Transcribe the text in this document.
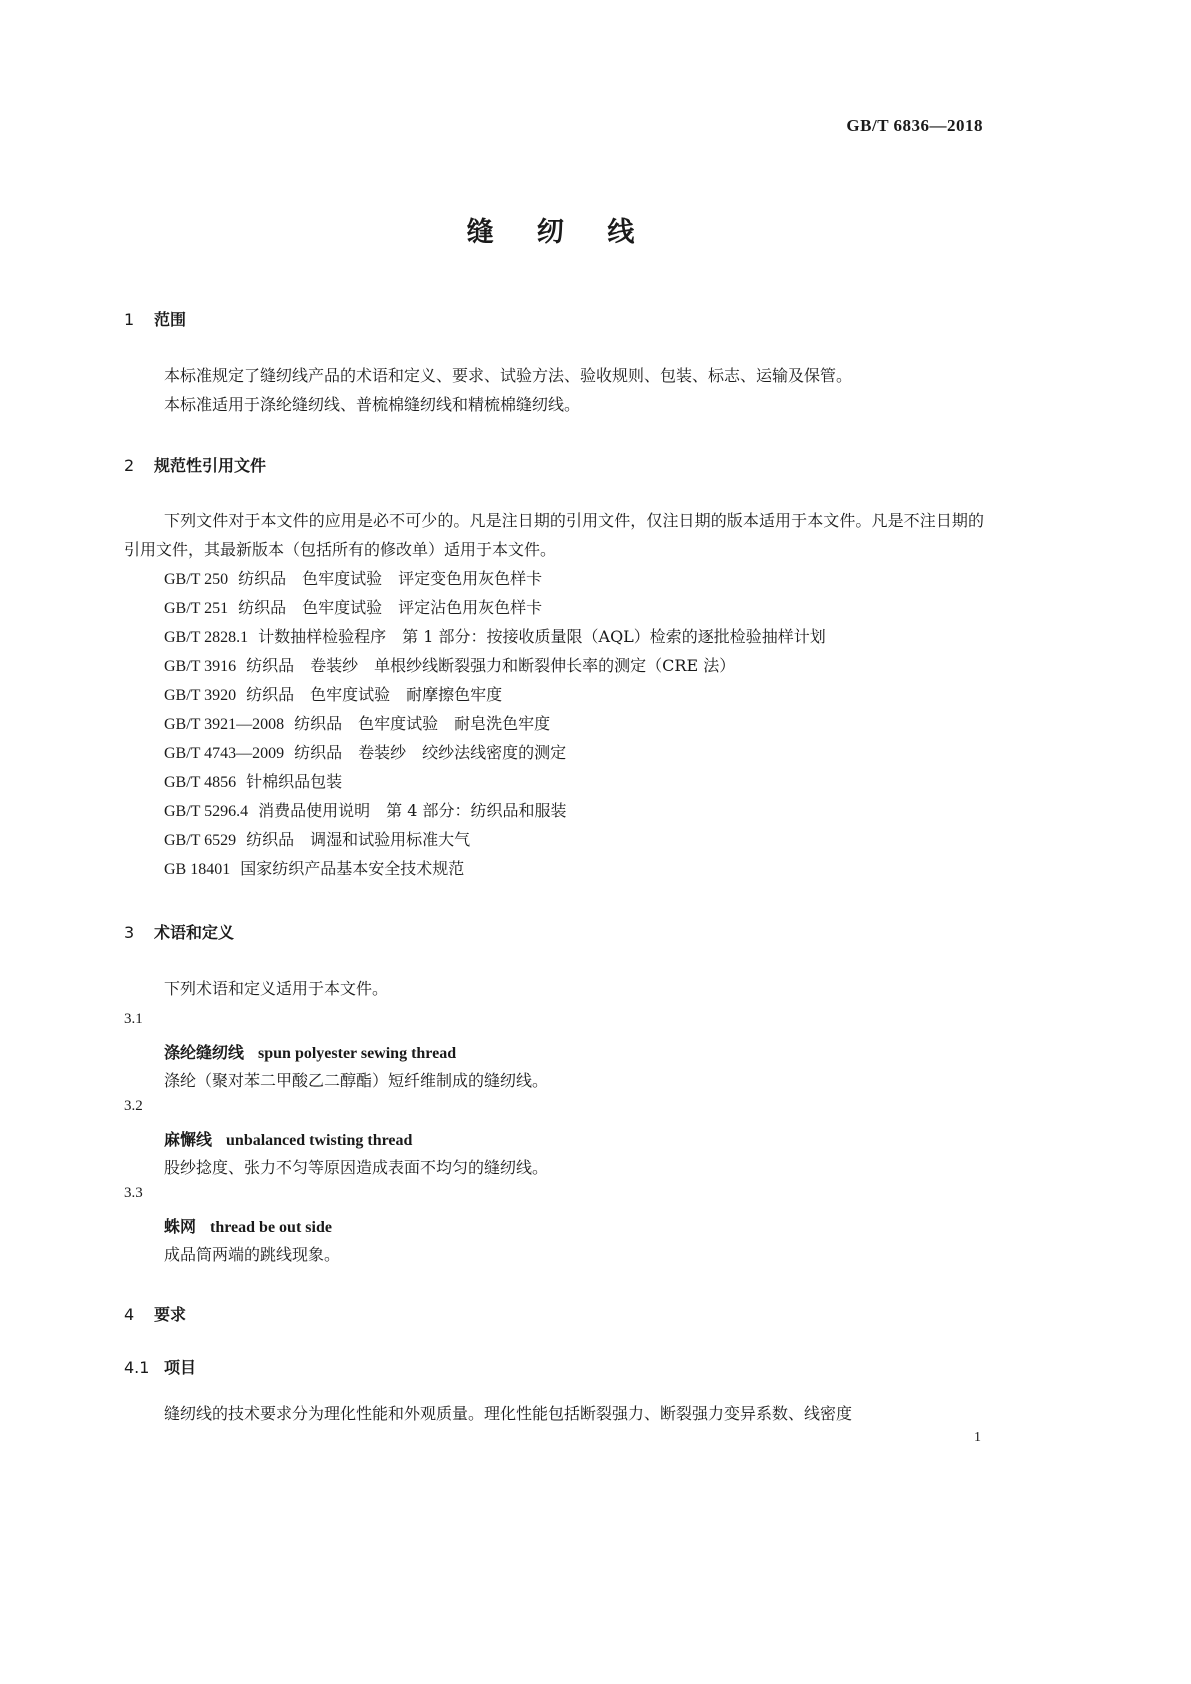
GB/T 6836—2018
缝 纫 线
1 范围
本标准规定了缝纫线产品的术语和定义、要求、试验方法、验收规则、包装、标志、运输及保管。
本标准适用于涤纶缝纫线、普梳棉缝纫线和精梳棉缝纫线。
2 规范性引用文件
下列文件对于本文件的应用是必不可少的。凡是注日期的引用文件，仅注日期的版本适用于本文件。凡是不注日期的引用文件，其最新版本（包括所有的修改单）适用于本文件。
GB/T 250 纺织品　色牢度试验　评定变色用灰色样卡
GB/T 251 纺织品　色牢度试验　评定沾色用灰色样卡
GB/T 2828.1 计数抽样检验程序　第 1 部分：按接收质量限（AQL）检索的逐批检验抽样计划
GB/T 3916 纺织品　卷装纱　单根纱线断裂强力和断裂伸长率的测定（CRE 法）
GB/T 3920 纺织品　色牢度试验　耐摩擦色牢度
GB/T 3921—2008 纺织品　色牢度试验　耐皂洗色牢度
GB/T 4743—2009 纺织品　卷装纱　绞纱法线密度的测定
GB/T 4856 针棉织品包装
GB/T 5296.4 消费品使用说明　第 4 部分：纺织品和服装
GB/T 6529 纺织品　调湿和试验用标准大气
GB 18401 国家纺织产品基本安全技术规范
3 术语和定义
下列术语和定义适用于本文件。
3.1
涤纶缝纫线 spun polyester sewing thread
涤纶（聚对苯二甲酸乙二醇酯）短纤维制成的缝纫线。
3.2
麻懈线 unbalanced twisting thread
股纱捻度、张力不匀等原因造成表面不均匀的缝纫线。
3.3
蛛网 thread be out side
成品筒两端的跳线现象。
4 要求
4.1 项目
缝纫线的技术要求分为理化性能和外观质量。理化性能包括断裂强力、断裂强力变异系数、线密度
1
